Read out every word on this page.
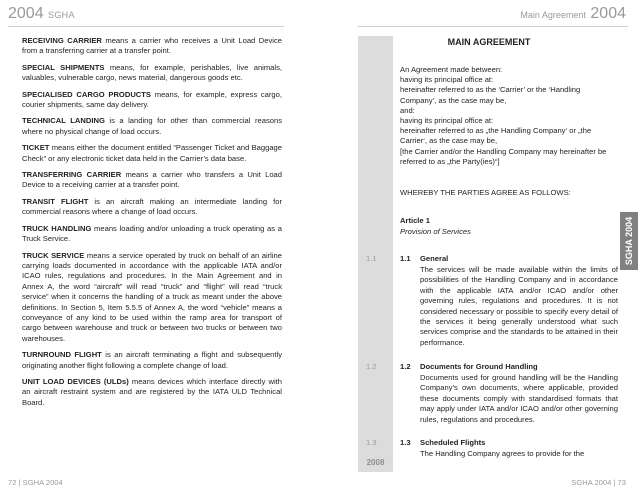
2004 SGHA	Main Agreement 2004

RECEIVING CARRIER means a carrier who receives a Unit Load Device from a transferring carrier at a transfer point.

SPECIAL SHIPMENTS means, for example, perishables, live animals, valuables, vulnerable cargo, news material, dangerous goods etc.

SPECIALISED CARGO PRODUCTS means, for example, express cargo, courier shipments, same day delivery.

TECHNICAL LANDING is a landing for other than commercial reasons where no physical change of load occurs.

TICKET means either the document entitled “Passenger Ticket and Baggage Check” or any electronic ticket data held in the Carrier’s data base.

TRANSFERRING CARRIER means a carrier who transfers a Unit Load Device to a receiving carrier at a transfer point.

TRANSIT FLIGHT is an aircraft making an intermediate landing for commercial reasons where a change of load occurs.

TRUCK HANDLING means loading and/or unloading a truck operating as a Truck Service.

TRUCK SERVICE means a service operated by truck on behalf of an airline carrying loads documented in accordance with the applicable IATA and/or ICAO rules, regulations and procedures. In the Main Agreement and in Annex A, the word “aircraft” will read “truck” and “flight” will read “truck service” when it concerns the handling of a truck as meant under the above definitions. In Section 5, Item 5.5.5 of Annex A, the word “vehicle” means a conveyance of any kind to be used within the ramp area for transport of cargo between warehouse and truck or between two trucks or between two warehouses.

TURNROUND FLIGHT is an aircraft terminating a flight and subsequently originating another flight following a complete change of load.

UNIT LOAD DEVICES (ULDs) means devices which interface directly with an aircraft restraint system and are registered by the IATA ULD Technical Board.

1.1
1.2
1.3
2008
MAIN AGREEMENT
An Agreement made between:
having its principal office at:
hereinafter referred to as the ‘Carrier’ or the ‘Handling
Company’, as the case may be,
and:
having its principal office at:
hereinafter referred to as „the Handling Company‘ or „the
Carrier‘, as the case may be,
[the Carrier and/or the Handling Company may hereinafter be
referred to as „the Party(ies)“]
WHEREBY THE PARTIES AGREE AS FOLLOWS:
Article 1
Provision of Services
1.1 General
The services will be made available within the limits of possibilities of the Handling Company and in accordance with the applicable IATA and/or ICAO and/or other governing rules, regulations and procedures. It is not considered necessary or possible to specify every detail of the services it being generally understood what such services comprise and the standards to be attained in their performance.
1.2 Documents for Ground Handling
Documents used for ground handling will be the Handling Company’s own documents, where applicable, provided these documents comply with standardised formats that may apply under IATA and/or ICAO and/or other governing rules, regulations and procedures.
1.3 Scheduled Flights
The Handling Company agrees to provide for the
SGHA 2004
72 | SGHA 2004	SGHA 2004 | 73
